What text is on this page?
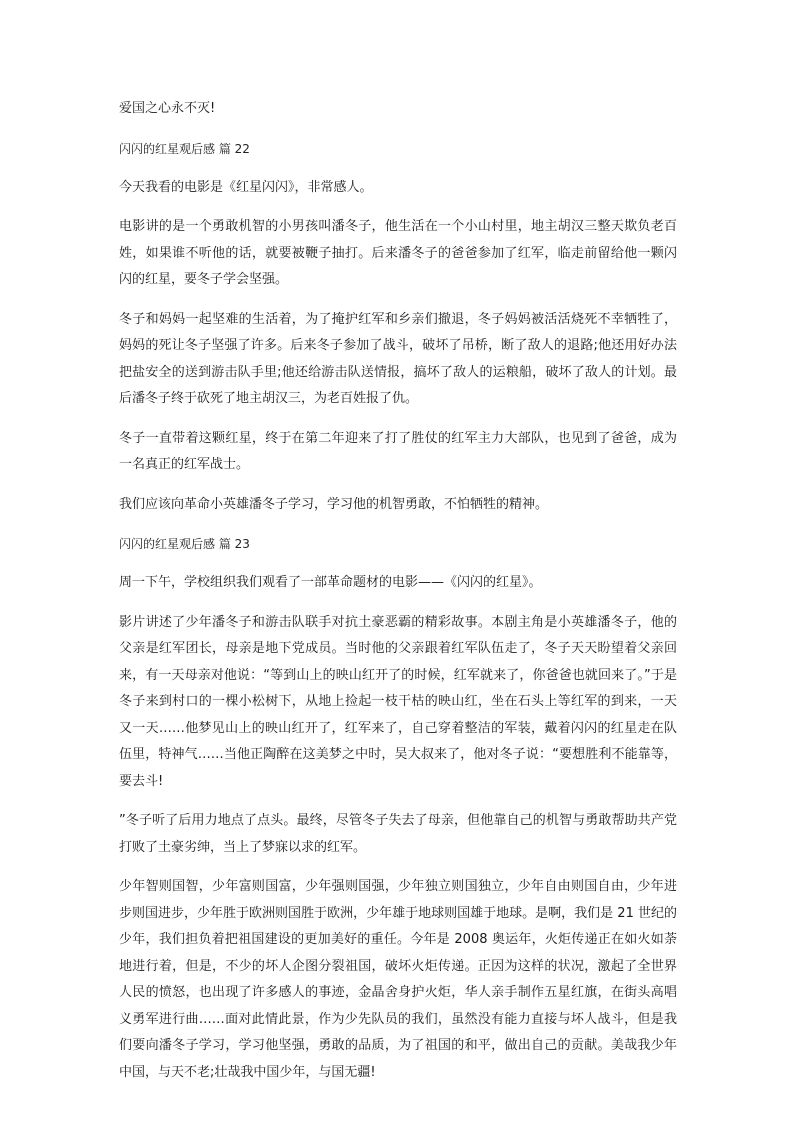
爱国之心永不灭!

闪闪的红星观后感 篇 22

今天我看的电影是《红星闪闪》，非常感人。

电影讲的是一个勇敢机智的小男孩叫潘冬子，他生活在一个小山村里，地主胡汉三整天欺负老百姓，如果谁不听他的话，就要被鞭子抽打。后来潘冬子的爸爸参加了红军，临走前留给他一颗闪闪的红星，要冬子学会坚强。

冬子和妈妈一起坚难的生活着，为了掩护红军和乡亲们撤退，冬子妈妈被活活烧死不幸牺牲了，妈妈的死让冬子坚强了许多。后来冬子参加了战斗，破坏了吊桥，断了敌人的退路;他还用好办法把盐安全的送到游击队手里;他还给游击队送情报，搞坏了敌人的运粮船，破坏了敌人的计划。最后潘冬子终于砍死了地主胡汉三，为老百姓报了仇。

冬子一直带着这颗红星，终于在第二年迎来了打了胜仗的红军主力大部队，也见到了爸爸，成为一名真正的红军战士。

我们应该向革命小英雄潘冬子学习，学习他的机智勇敢，不怕牺牲的精神。

闪闪的红星观后感 篇 23

周一下午，学校组织我们观看了一部革命题材的电影——《闪闪的红星》。

影片讲述了少年潘冬子和游击队联手对抗土豪恶霸的精彩故事。本剧主角是小英雄潘冬子，他的父亲是红军团长，母亲是地下党成员。当时他的父亲跟着红军队伍走了，冬子天天盼望着父亲回来，有一天母亲对他说：“等到山上的映山红开了的时候，红军就来了，你爸爸也就回来了。”于是冬子来到村口的一棵小松树下，从地上捡起一枝干枯的映山红，坐在石头上等红军的到来，一天又一天……他梦见山上的映山红开了，红军来了，自己穿着整洁的军装，戴着闪闪的红星走在队伍里，特神气……当他正陶醉在这美梦之中时，吴大叔来了，他对冬子说：“要想胜利不能靠等，要去斗!

”冬子听了后用力地点了点头。最终，尽管冬子失去了母亲，但他靠自己的机智与勇敢帮助共产党打败了土豪劣绅，当上了梦寐以求的红军。

少年智则国智，少年富则国富，少年强则国强，少年独立则国独立，少年自由则国自由，少年进步则国进步，少年胜于欧洲则国胜于欧洲，少年雄于地球则国雄于地球。是啊，我们是 21 世纪的少年，我们担负着把祖国建设的更加美好的重任。今年是 2008 奥运年，火炬传递正在如火如荼地进行着，但是，不少的坏人企图分裂祖国，破坏火炬传递。正因为这样的状况，激起了全世界人民的愤怒，也出现了许多感人的事迹，金晶舍身护火炬，华人亲手制作五星红旗，在街头高唱义勇军进行曲……面对此情此景，作为少先队员的我们，虽然没有能力直接与坏人战斗，但是我们要向潘冬子学习，学习他坚强，勇敢的品质，为了祖国的和平，做出自己的贡献。美哉我少年中国，与天不老;壮哉我中国少年，与国无疆!
